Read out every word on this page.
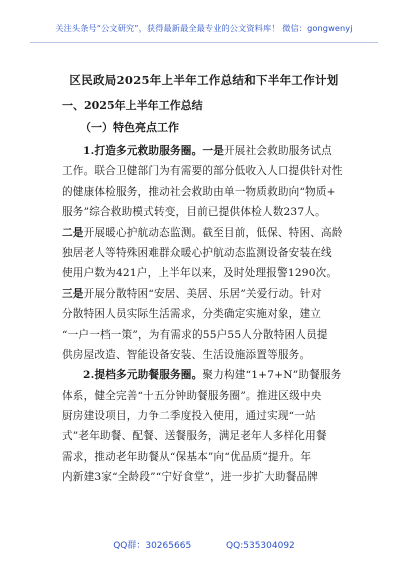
关注头条号“公文研究”，获得最新最全最专业的公文资料库！ 微信：gongwenyj
区民政局2025年上半年工作总结和下半年工作计划
一、2025年上半年工作总结
（一）特色亮点工作
1.打造多元救助服务圈。一是开展社会救助服务试点
工作。联合卫健部门为有需要的部分低收入人口提供针对性
的健康体检服务，推动社会救助由单一物质救助向“物质+
服务”综合救助模式转变，目前已提供体检人数237人。
二是开展暖心护航动态监测。截至目前，低保、特困、高龄
独居老人等特殊困难群众暖心护航动态监测设备安装在线
使用户数为421户，上半年以来，及时处理报警1290次。
三是开展分散特困“安居、美居、乐居”关爱行动。针对
分散特困人员实际生活需求，分类确定实施对象，建立
“一户一档一策”，为有需求的55户55人分散特困人员提
供房屋改造、智能设备安装、生活设施添置等服务。
2.提档多元助餐服务圈。聚力构建“1+7+N”助餐服务
体系，健全完善“十五分钟助餐服务圈”。推进区级中央
厨房建设项目，力争二季度投入使用，通过实现“一站
式”老年助餐、配餐、送餐服务，满足老年人多样化用餐
需求，推动老年助餐从“保基本”向“优品质”提升。年
内新建3家“全龄段”“宁好食堂”，进一步扩大助餐品牌
QQ群：30265665	QQ:535304092
